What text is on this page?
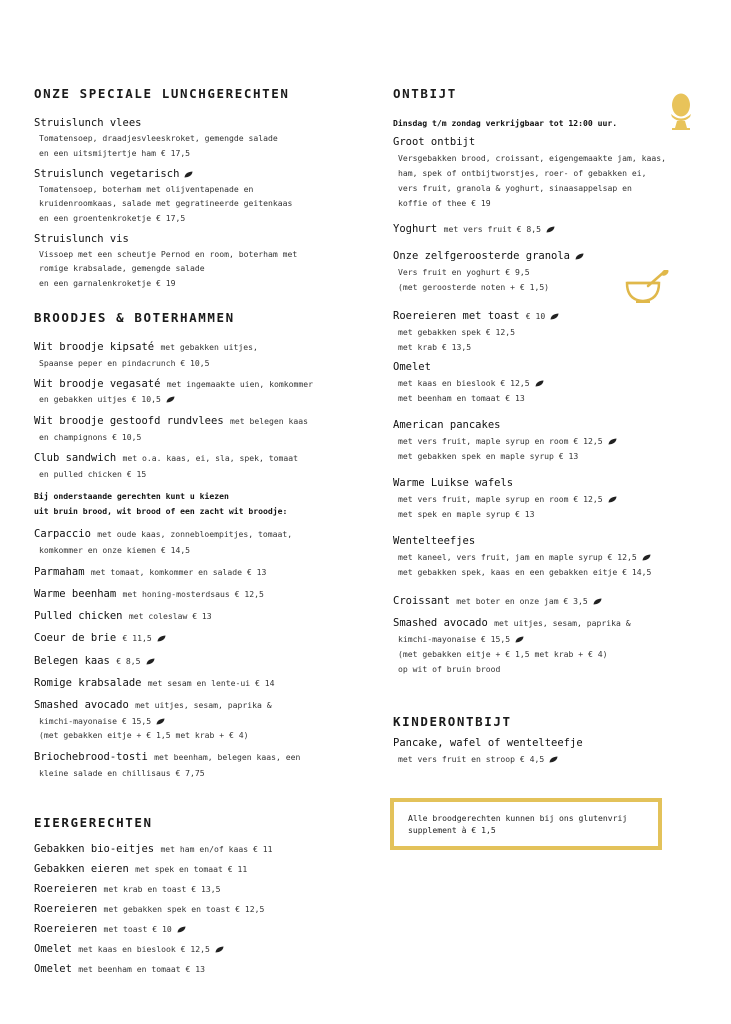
ONZE SPECIALE LUNCHGERECHTEN
Struislunch vlees
Tomatensoep, draadjesvleeskroket, gemengde salade
en een uitsmijtertje ham € 17,5
Struislunch vegetarisch
Tomatensoep, boterham met olijventapenade en
kruidenroomkaas, salade met gegratineerde geitenkaas
en een groentenkroketje € 17,5
Struislunch vis
Vissoep met een scheutje Pernod en room, boterham met
romige krabsalade, gemengde salade
en een garnalenkroketje € 19
BROODJES & BOTERHAMMEN
Wit broodje kipsaté met gebakken uitjes,
Spaanse peper en pindacrunch € 10,5
Wit broodje vegasaté met ingemaakte uien, komkommer
en gebakken uitjes € 10,5
Wit broodje gestoofd rundvlees met belegen kaas
en champignons € 10,5
Club sandwich met o.a. kaas, ei, sla, spek, tomaat
en pulled chicken € 15
Bij onderstaande gerechten kunt u kiezen
uit bruin brood, wit brood of een zacht wit broodje:
Carpaccio met oude kaas, zonnebloempitjes, tomaat,
komkommer en onze kiemen € 14,5
Parmaham met tomaat, komkommer en salade € 13
Warme beenham met honing-mosterdsaus € 12,5
Pulled chicken met coleslaw € 13
Coeur de brie € 11,5
Belegen kaas € 8,5
Romige krabsalade met sesam en lente-ui € 14
Smashed avocado met uitjes, sesam, paprika &
kimchi-mayonaise € 15,5
(met gebakken eitje + € 1,5 met krab + € 4)
Briochebrood-tosti met beenham, belegen kaas, een
kleine salade en chillisaus € 7,75
EIERGERECHTEN
Gebakken bio-eitjes met ham en/of kaas € 11
Gebakken eieren met spek en tomaat € 11
Roereieren met krab en toast € 13,5
Roereieren met gebakken spek en toast € 12,5
Roereieren met toast € 10
Omelet met kaas en bieslook € 12,5
Omelet met beenham en tomaat € 13
ONTBIJT
Dinsdag t/m zondag verkrijgbaar tot 12:00 uur.
Groot ontbijt
Versgebakken brood, croissant, eigengemaakte jam, kaas,
ham, spek of ontbijtworstjes, roer- of gebakken ei,
vers fruit, granola & yoghurt, sinaasappelsap en
koffie of thee € 19
Yoghurt met vers fruit € 8,5
Onze zelfgeroosterde granola
Vers fruit en yoghurt € 9,5
(met geroosterde noten + € 1,5)
Roereieren met toast € 10
met gebakken spek € 12,5
met krab € 13,5
Omelet
met kaas en bieslook € 12,5
met beenham en tomaat € 13
American pancakes
met vers fruit, maple syrup en room € 12,5
met gebakken spek en maple syrup € 13
Warme Luikse wafels
met vers fruit, maple syrup en room € 12,5
met spek en maple syrup € 13
Wentelteefjes
met kaneel, vers fruit, jam en maple syrup € 12,5
met gebakken spek, kaas en een gebakken eitje € 14,5
Croissant met boter en onze jam € 3,5
Smashed avocado met uitjes, sesam, paprika &
kimchi-mayonaise € 15,5
(met gebakken eitje + € 1,5 met krab + € 4)
op wit of bruin brood
KINDERONTBIJT
Pancake, wafel of wentelteefje
met vers fruit en stroop € 4,5
Alle broodgerechten kunnen bij ons glutenvrij
supplement à € 1,5
